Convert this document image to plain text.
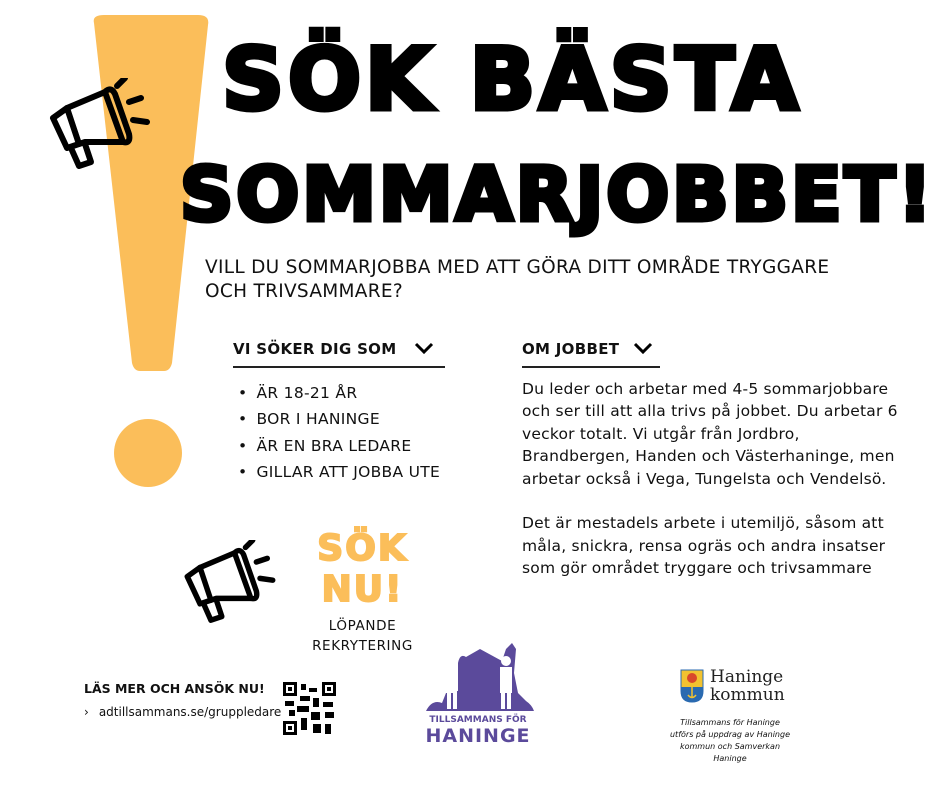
SÖK BÄSTA
SOMMARJOBBET!
VILL DU SOMMARJOBBA MED ATT GÖRA DITT OMRÅDE TRYGGARE OCH TRIVSAMMARE?
VI SÖKER DIG SOM
• ÄR 18-21 ÅR
• BOR I HANINGE
• ÄR EN BRA LEDARE
• GILLAR ATT JOBBA UTE
OM JOBBET

Du leder och arbetar med 4-5 sommarjobbare och ser till att alla trivs på jobbet. Du arbetar 6 veckor totalt. Vi utgår från Jordbro, Brandbergen, Handen och Västerhaninge, men arbetar också i Vega, Tungelsta och Vendelsö.

Det är mestadels arbete i utemiljö, såsom att måla, snickra, rensa ogräs och andra insatser som gör området tryggare och trivsammare

SÖK NU!
LÖPANDE
REKRYTERING
LÄS MER OCH ANSÖK NU!
› adtillsammans.se/gruppledare
TILLSAMMANS FÖR
HANINGE
Haninge
kommun
Tillsammans för Haninge utförs på uppdrag av Haninge kommun och Samverkan Haninge
